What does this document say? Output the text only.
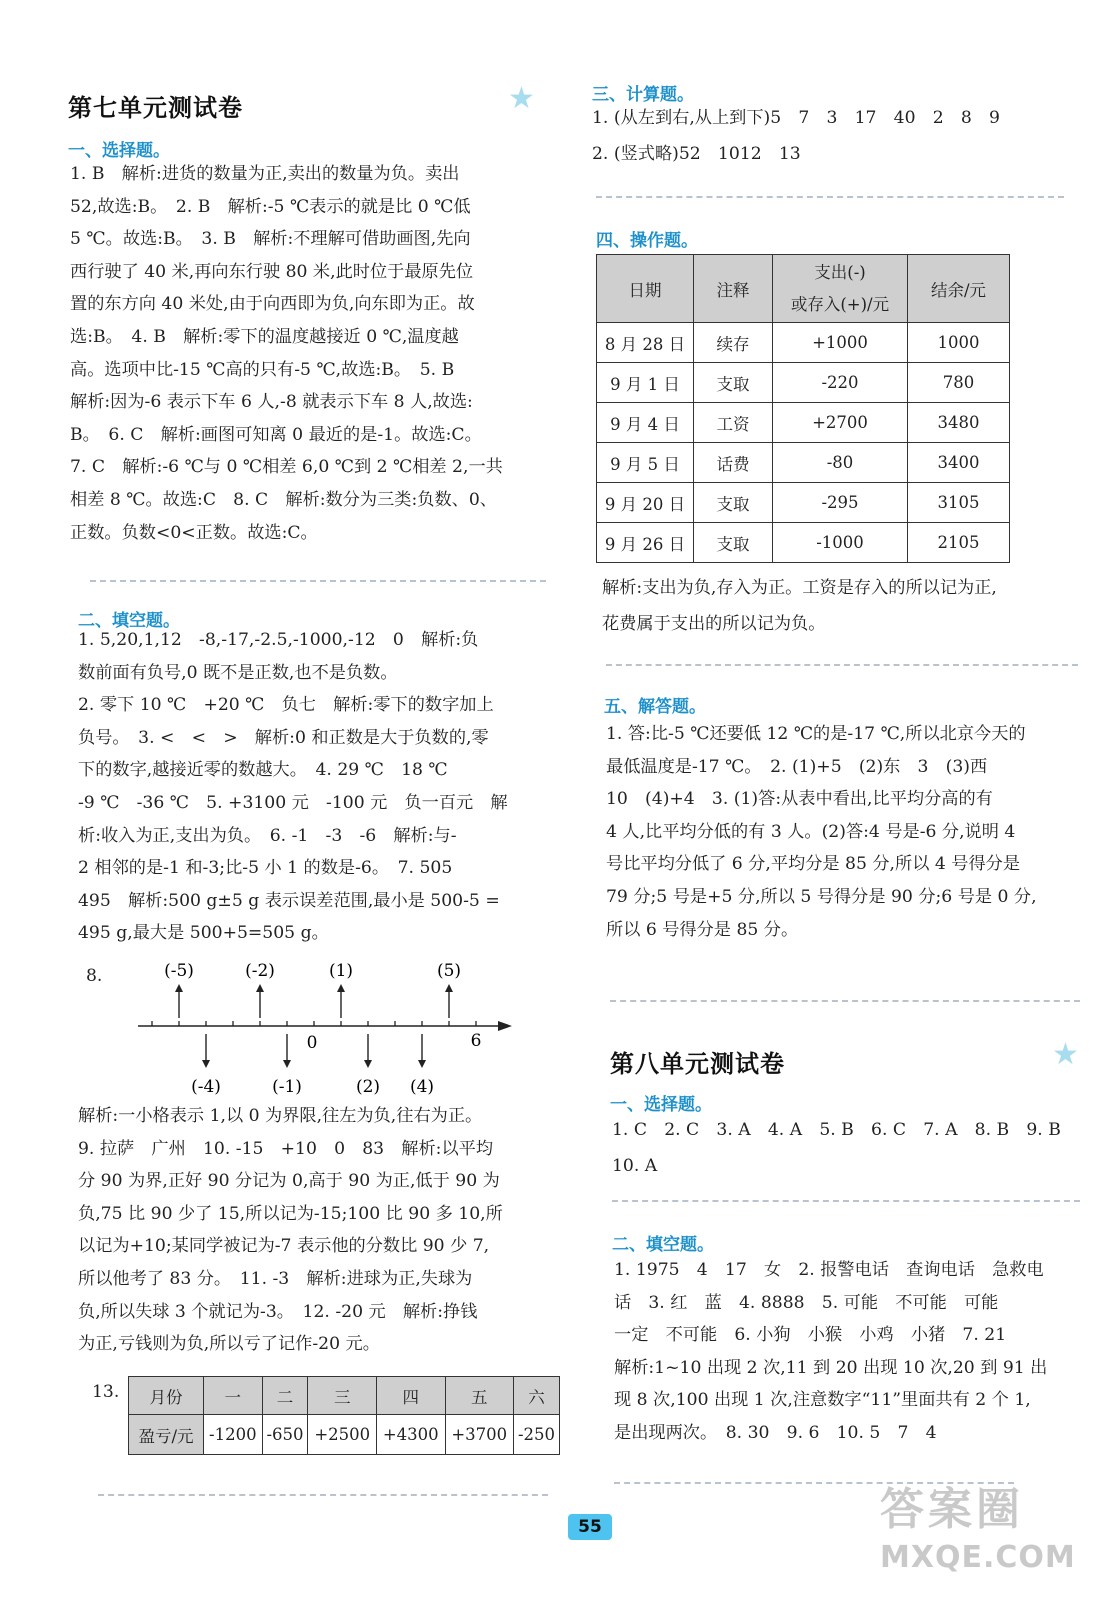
第七单元测试卷	★
一、选择题。
1. B　解析:进货的数量为正,卖出的数量为负。卖出
52,故选:B。　2. B　解析:-5 ℃表示的就是比 0 ℃低
5 ℃。故选:B。　3. B　解析:不理解可借助画图,先向
西行驶了 40 米,再向东行驶 80 米,此时位于最原先位
置的东方向 40 米处,由于向西即为负,向东即为正。故
选:B。　4. B　解析:零下的温度越接近 0 ℃,温度越
高。选项中比-15 ℃高的只有-5 ℃,故选:B。　5. B
解析:因为-6 表示下车 6 人,-8 就表示下车 8 人,故选:
B。　6. C　解析:画图可知离 0 最近的是-1。故选:C。
7. C　解析:-6 ℃与 0 ℃相差 6,0 ℃到 2 ℃相差 2,一共
相差 8 ℃。故选:C　8. C　解析:数分为三类:负数、0、
正数。负数<0<正数。故选:C。
二、填空题。
1. 5,20,1,12　-8,-17,-2.5,-1000,-12　0　解析:负
数前面有负号,0 既不是正数,也不是负数。
2. 零下 10 ℃　+20 ℃　负七　解析:零下的数字加上
负号。　3. <　<　>　解析:0 和正数是大于负数的,零
下的数字,越接近零的数越大。　4. 29 ℃　18 ℃
-9 ℃　-36 ℃　5. +3100 元　-100 元　负一百元　解
析:收入为正,支出为负。　6. -1　-3　-6　解析:与-
2 相邻的是-1 和-3;比-5 小 1 的数是-6。　7. 505
495　解析:500 g±5 g 表示误差范围,最小是 500-5 =
495 g,最大是 500+5=505 g。
8.	(-5)	(-2)	(1)	(5)
(-4)	(-1)	(2) (4)
0	6
解析:一小格表示 1,以 0 为界限,往左为负,往右为正。
9. 拉萨　广州　10. -15　+10　0　83　解析:以平均
分 90 为界,正好 90 分记为 0,高于 90 为正,低于 90 为
负,75 比 90 少了 15,所以记为-15;100 比 90 多 10,所
以记为+10;某同学被记为-7 表示他的分数比 90 少 7,
所以他考了 83 分。　11. -3　解析:进球为正,失球为
负,所以失球 3 个就记为-3。　12. -20 元　解析:挣钱
为正,亏钱则为负,所以亏了记作-20 元。
13. 月份	一	二	三	四	五	六
盈亏/元	-1200	-650	+2500	+4300	+3700	-250
三、计算题。
1. (从左到右,从上到下)5　7　3　17　40　2　8　9
2. (竖式略)52　1012　13
四、操作题。
日期	注释	支出(-)
或存入(+)/元	结余/元
8 月 28 日	续存	+1000	1000
9 月 1 日	支取	-220	780
9 月 4 日	工资	+2700	3480
9 月 5 日	话费	-80	3400
9 月 20 日	支取	-295	3105
9 月 26 日	支取	-1000	2105
解析:支出为负,存入为正。工资是存入的所以记为正,
花费属于支出的所以记为负。
五、解答题。
1. 答:比-5 ℃还要低 12 ℃的是-17 ℃,所以北京今天的
最低温度是-17 ℃。　2. (1)+5　(2)东　3　(3)西
10　(4)+4　3. (1)答:从表中看出,比平均分高的有
4 人,比平均分低的有 3 人。(2)答:4 号是-6 分,说明 4
号比平均分低了 6 分,平均分是 85 分,所以 4 号得分是
79 分;5 号是+5 分,所以 5 号得分是 90 分;6 号是 0 分,
所以 6 号得分是 85 分。
第八单元测试卷	★
一、选择题。
1. C　2. C　3. A　4. A　5. B　6. C　7. A　8. B　9. B
10. A
二、填空题。
1. 1975　4　17　女　2. 报警电话　查询电话　急救电
话　3. 红　蓝　4. 8888　5. 可能　不可能　可能
一定　不可能　6. 小狗　小猴　小鸡　小猪　7. 21
解析:1~10 出现 2 次,11 到 20 出现 10 次,20 到 91 出
现 8 次,100 出现 1 次,注意数字“11”里面共有 2 个 1,
是出现两次。　8. 30　9. 6　10. 5　7　4
55	答案圈
MXQE.COM
